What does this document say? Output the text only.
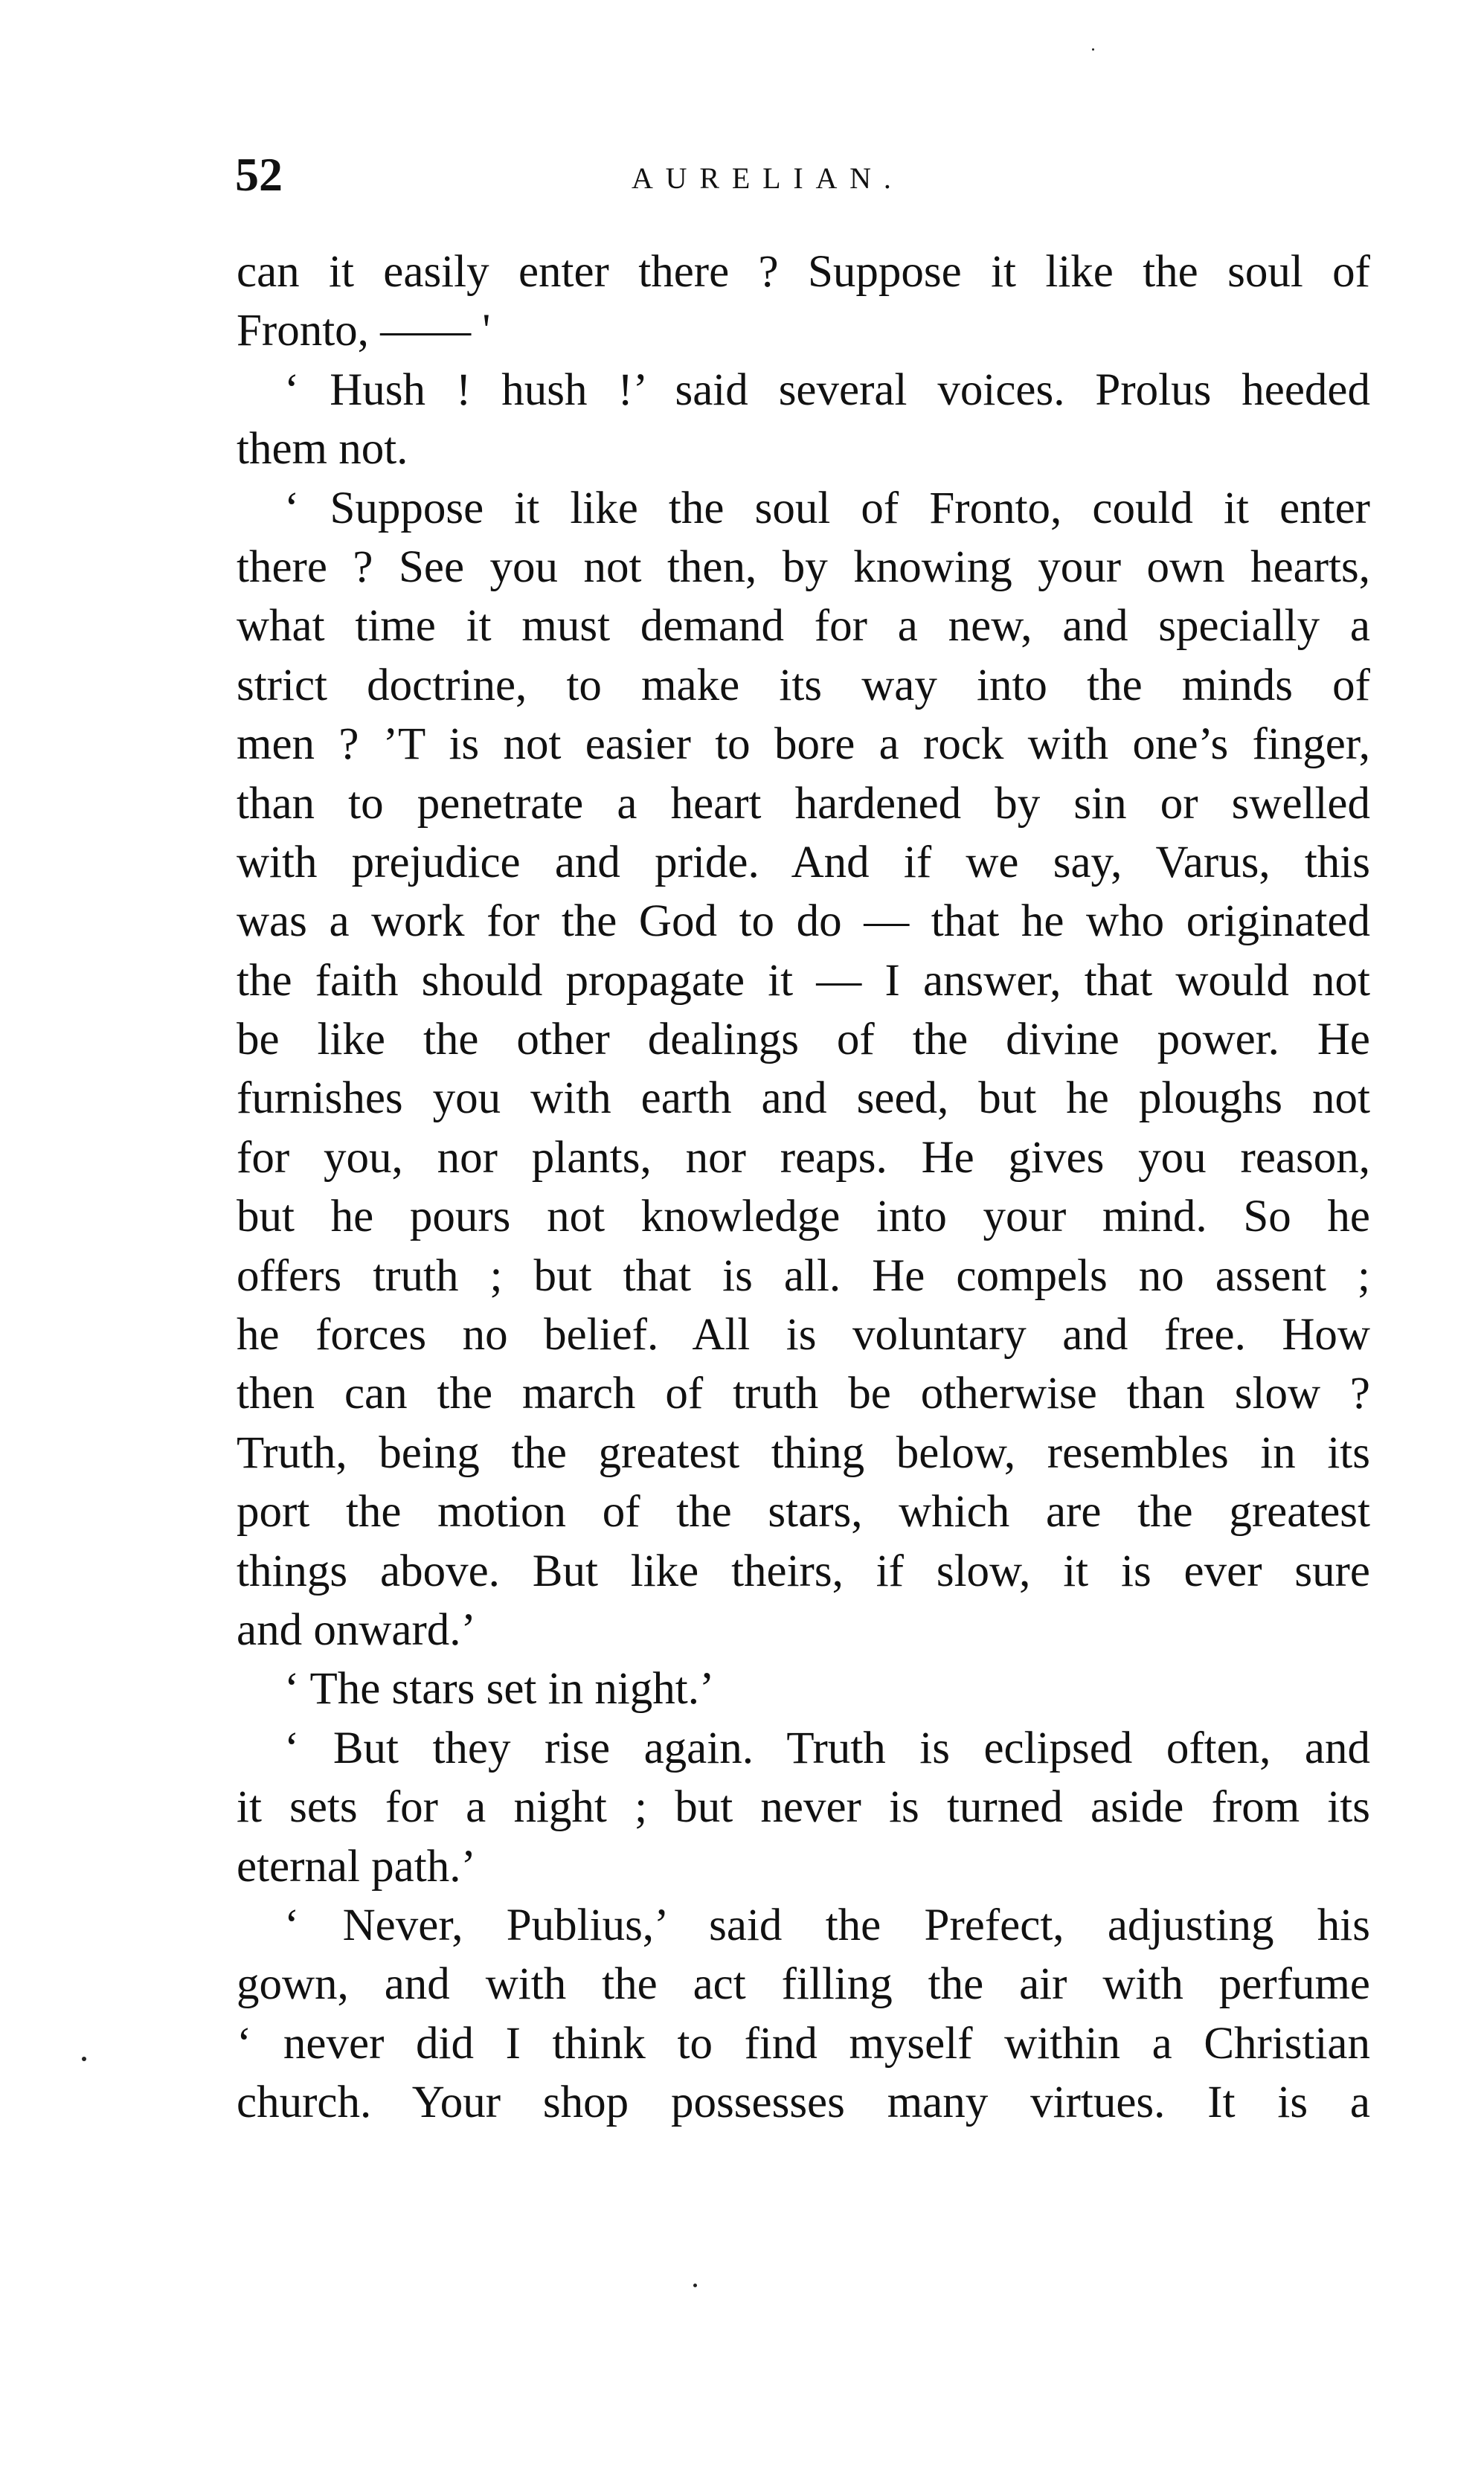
52	AURELIAN.
can it easily enter there ? Suppose it like the soul of
Fronto, —— '
‘ Hush ! hush !’ said several voices. Prolus heeded
them not.
‘ Suppose it like the soul of Fronto, could it enter
there ? See you not then, by knowing your own hearts,
what time it must demand for a new, and specially a
strict doctrine, to make its way into the minds of
men ? ’T is not easier to bore a rock with one’s finger,
than to penetrate a heart hardened by sin or swelled
with prejudice and pride. And if we say, Varus, this
was a work for the God to do — that he who originated
the faith should propagate it — I answer, that would not
be like the other dealings of the divine power. He
furnishes you with earth and seed, but he ploughs not
for you, nor plants, nor reaps. He gives you reason,
but he pours not knowledge into your mind. So he
offers truth ; but that is all. He compels no assent ;
he forces no belief. All is voluntary and free. How
then can the march of truth be otherwise than slow ?
Truth, being the greatest thing below, resembles in its
port the motion of the stars, which are the greatest
things above. But like theirs, if slow, it is ever sure
and onward.’
‘ The stars set in night.’
‘ But they rise again. Truth is eclipsed often, and
it sets for a night ; but never is turned aside from its
eternal path.’
‘ Never, Publius,’ said the Prefect, adjusting his
gown, and with the act filling the air with perfume
‘ never did I think to find myself within a Christian
church. Your shop possesses many virtues. It is a
